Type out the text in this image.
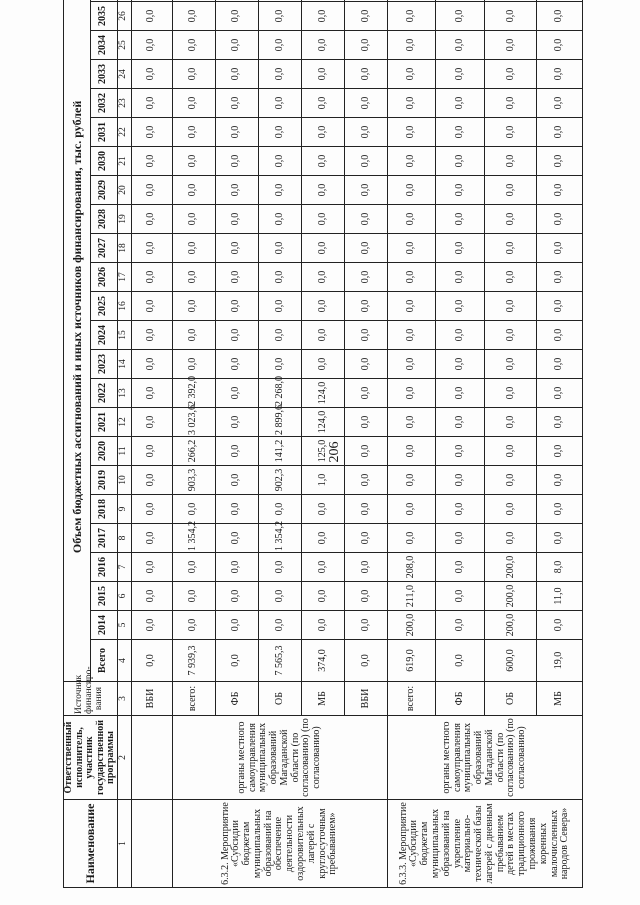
206
Наименование	Ответственный исполнитель, участник государственной программы	Источник финансиро-вания	Объем бюджетных ассигнований и иных источников финансирования, тыс. рублей																							
			Всего	2014	2015	2016	2017	2018	2019	2020	2021	2022	2023	2024	2025	2026	2027	2028	2029	2030	2031	2032	2033	2034	2035	
1	2	3	4	5	6	7	8	9	10	11	12	13	14	15	16	17	18	19	20	21	22	23	24	25	26	
		ВБИ	0,0	0,0	0,0	0,0	0,0	0,0	0,0	0,0	0,0	0,0	0,0	0,0	0,0	0,0	0,0	0,0	0,0	0,0	0,0	0,0	0,0	0,0	0,0	
6.3.2. Мероприятие «Субсидии бюджетам муниципальных образований на обеспечение деятельности оздоровительных лагерей с круглосуточным пребыванием»	органы местного самоуправления муниципальных образований Магаданской области (по согласованию) (по согласованию)	всего:	7 939,3	0,0	0,0	0,0	1 354,2	0,0	903,3	266,2	3 023,6	2 392,0	0,0	0,0	0,0	0,0	0,0	0,0	0,0	0,0	0,0	0,0	0,0	0,0	0,0	
		ФБ	0,0	0,0	0,0	0,0	0,0	0,0	0,0	0,0	0,0	0,0	0,0	0,0	0,0	0,0	0,0	0,0	0,0	0,0	0,0	0,0	0,0	0,0	0,0	
		ОБ	7 565,3	0,0	0,0	0,0	1 354,2	0,0	902,3	141,2	2 899,6	2 268,0	0,0	0,0	0,0	0,0	0,0	0,0	0,0	0,0	0,0	0,0	0,0	0,0	0,0	
		МБ	374,0	0,0	0,0	0,0	0,0	0,0	1,0	125,0	124,0	124,0	0,0	0,0	0,0	0,0	0,0	0,0	0,0	0,0	0,0	0,0	0,0	0,0	0,0	
		ВБИ	0,0	0,0	0,0	0,0	0,0	0,0	0,0	0,0	0,0	0,0	0,0	0,0	0,0	0,0	0,0	0,0	0,0	0,0	0,0	0,0	0,0	0,0	0,0	
6.3.3. Мероприятие «Субсидии бюджетам муниципальных образований на укрепление материально-технической базы лагерей с дневным пребыванием детей в местах традиционного проживания коренных малочисленных народов Севера»	органы местного самоуправления муниципальных образований Магаданской области (по согласованию) (по согласованию)	всего:	619,0	200,0	211,0	208,0	0,0	0,0	0,0	0,0	0,0	0,0	0,0	0,0	0,0	0,0	0,0	0,0	0,0	0,0	0,0	0,0	0,0	0,0	0,0	
		ФБ	0,0	0,0	0,0	0,0	0,0	0,0	0,0	0,0	0,0	0,0	0,0	0,0	0,0	0,0	0,0	0,0	0,0	0,0	0,0	0,0	0,0	0,0	0,0	
		ОБ	600,0	200,0	200,0	200,0	0,0	0,0	0,0	0,0	0,0	0,0	0,0	0,0	0,0	0,0	0,0	0,0	0,0	0,0	0,0	0,0	0,0	0,0	0,0	
		МБ	19,0	0,0	11,0	8,0	0,0	0,0	0,0	0,0	0,0	0,0	0,0	0,0	0,0	0,0	0,0	0,0	0,0	0,0	0,0	0,0	0,0	0,0	0,0	
